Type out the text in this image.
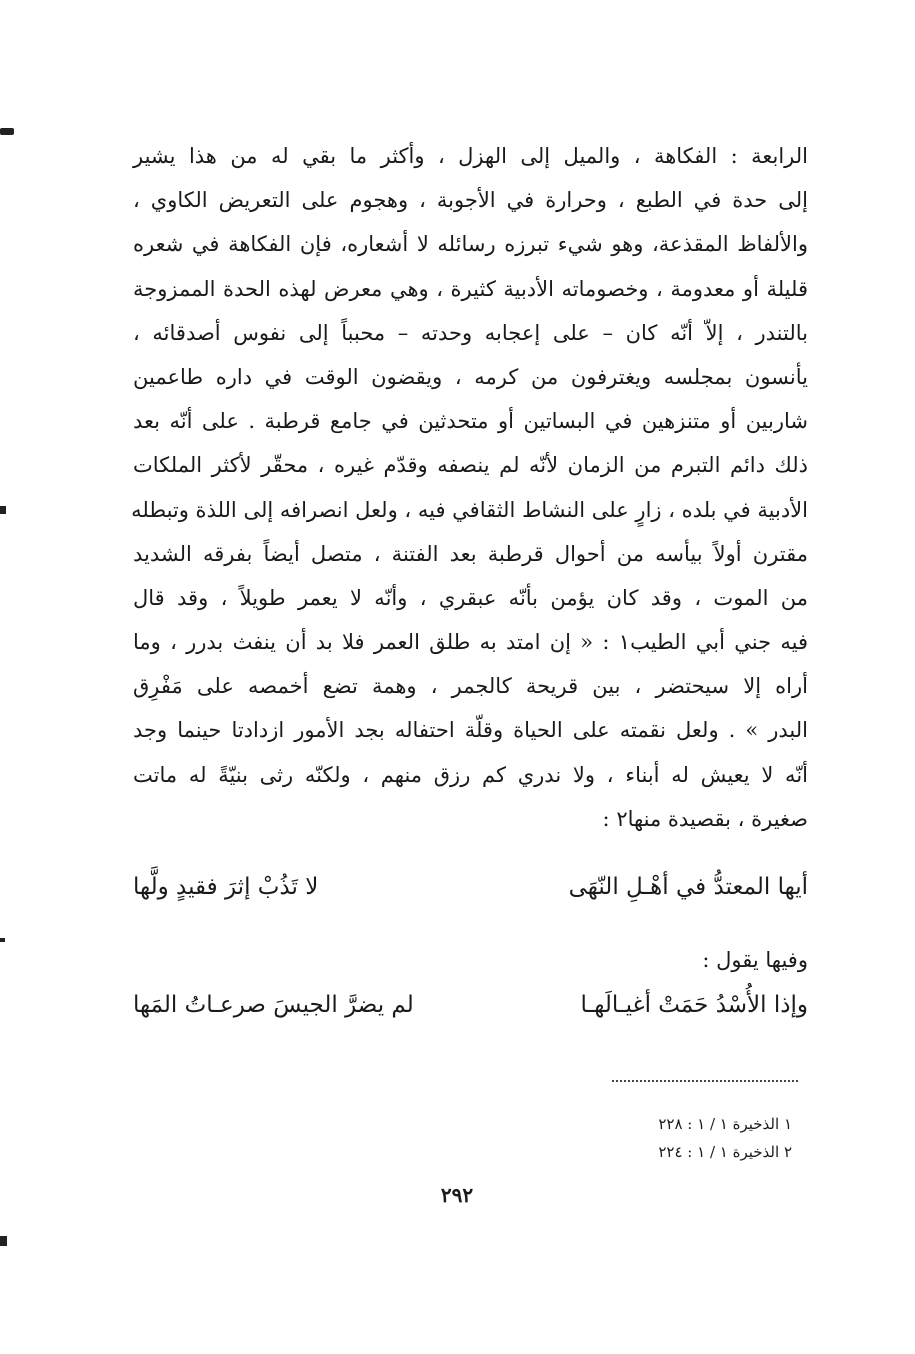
الرابعة : الفكاهة ، والميل إلى الهزل ، وأكثر ما بقي له من هذا يشير
إلى حدة في الطبع ، وحرارة في الأجوبة ، وهجوم على التعريض الكاوي ،
والألفاظ المقذعة، وهو شيء تبرزه رسائله لا أشعاره، فإن الفكاهة في شعره
قليلة أو معدومة ، وخصوماته الأدبية كثيرة ، وهي معرض لهذه الحدة الممزوجة
بالتندر ، إلاّ أنّه كان – على إعجابه وحدته – محبباً إلى نفوس أصدقائه ،
يأنسون بمجلسه ويغترفون من كرمه ، ويقضون الوقت في داره طاعمين
شاربين أو متنزهين في البساتين أو متحدثين في جامع قرطبة . على أنّه بعد
ذلك دائم التبرم من الزمان لأنّه لم ينصفه وقدّم غيره ، محقّر لأكثر الملكات
الأدبية في بلده ، زارٍ على النشاط الثقافي فيه ، ولعل انصرافه إلى اللذة وتبطله
مقترن أولاً بيأسه من أحوال قرطبة بعد الفتنة ، متصل أيضاً بفرقه الشديد
من الموت ، وقد كان يؤمن بأنّه عبقري ، وأنّه لا يعمر طويلاً ، وقد قال
فيه جني أبي الطيب١ : « إن امتد به طلق العمر فلا بد أن ينفث بدرر ، وما
أراه إلا سيحتضر ، بين قريحة كالجمر ، وهمة تضع أخمصه على مَفْرِق
البدر » . ولعل نقمته على الحياة وقلّة احتفاله بجد الأمور ازدادتا حينما وجد
أنّه لا يعيش له أبناء ، ولا ندري كم رزق منهم ، ولكنّه رثى بنيّةً له ماتت
صغيرة ، بقصيدة منها٢ :
أيها المعتدُّ في أهْـلِ النّهَى
لا تَذُبْ إثرَ فقيدٍ ولَّها
وفيها يقول :
وإذا الأُسْدُ حَمَتْ أغيـالَهـا
لم يضرَّ الجيسَ صرعـاتُ المَها
١ الذخيرة ١ / ١ : ٢٢٨
٢ الذخيرة ١ / ١ : ٢٢٤
٢٩٢
